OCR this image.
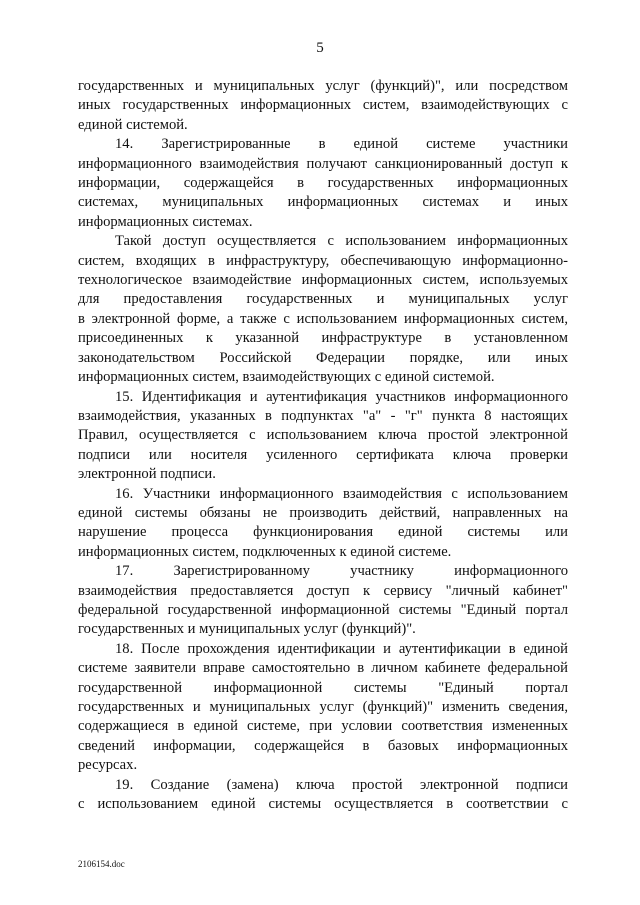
5
государственных и муниципальных услуг (функций)", или посредством
иных государственных информационных систем, взаимодействующих с
единой системой.
14. Зарегистрированные в единой системе участники
информационного взаимодействия получают санкционированный доступ к
информации, содержащейся в государственных информационных
системах, муниципальных информационных системах и иных
информационных системах.
Такой доступ осуществляется с использованием информационных
систем, входящих в инфраструктуру, обеспечивающую информационно-
технологическое взаимодействие информационных систем, используемых
для предоставления государственных и муниципальных услуг
в электронной форме, а также с использованием информационных систем,
присоединенных к указанной инфраструктуре в установленном
законодательством Российской Федерации порядке, или иных
информационных систем, взаимодействующих с единой системой.
15. Идентификация и аутентификация участников информационного
взаимодействия, указанных в подпунктах "а" - "г" пункта 8 настоящих
Правил, осуществляется с использованием ключа простой электронной
подписи или носителя усиленного сертификата ключа проверки
электронной подписи.
16. Участники информационного взаимодействия с использованием
единой системы обязаны не производить действий, направленных на
нарушение процесса функционирования единой системы или
информационных систем, подключенных к единой системе.
17. Зарегистрированному участнику информационного
взаимодействия предоставляется доступ к сервису "личный кабинет"
федеральной государственной информационной системы "Единый портал
государственных и муниципальных услуг (функций)".
18. После прохождения идентификации и аутентификации в единой
системе заявители вправе самостоятельно в личном кабинете федеральной
государственной информационной системы "Единый портал
государственных и муниципальных услуг (функций)" изменить сведения,
содержащиеся в единой системе, при условии соответствия измененных
сведений информации, содержащейся в базовых информационных
ресурсах.
19. Создание (замена) ключа простой электронной подписи
с использованием единой системы осуществляется в соответствии с
2106154.doc
